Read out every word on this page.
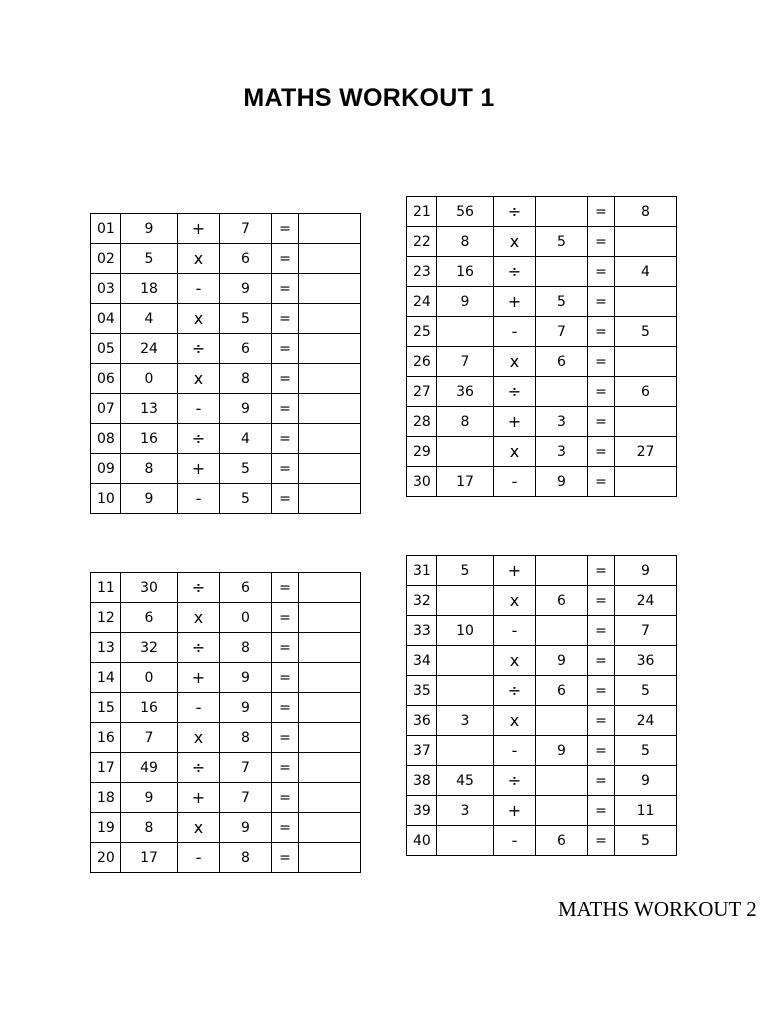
MATHS WORKOUT 1
01	9	+	7	=	
02	5	x	6	=	
03	18	-	9	=	
04	4	x	5	=	
05	24	÷	6	=	
06	0	x	8	=	
07	13	-	9	=	
08	16	÷	4	=	
09	8	+	5	=	
10	9	-	5	=	
21	56	÷		=	8
22	8	x	5	=	
23	16	÷		=	4
24	9	+	5	=	
25		-	7	=	5
26	7	x	6	=	
27	36	÷		=	6
28	8	+	3	=	
29		x	3	=	27
30	17	-	9	=	
11	30	÷	6	=	
12	6	x	0	=	
13	32	÷	8	=	
14	0	+	9	=	
15	16	-	9	=	
16	7	x	8	=	
17	49	÷	7	=	
18	9	+	7	=	
19	8	x	9	=	
20	17	-	8	=	
31	5	+		=	9
32		x	6	=	24
33	10	-		=	7
34		x	9	=	36
35		÷	6	=	5
36	3	x		=	24
37		-	9	=	5
38	45	÷		=	9
39	3	+		=	11
40		-	6	=	5
MATHS WORKOUT 2
